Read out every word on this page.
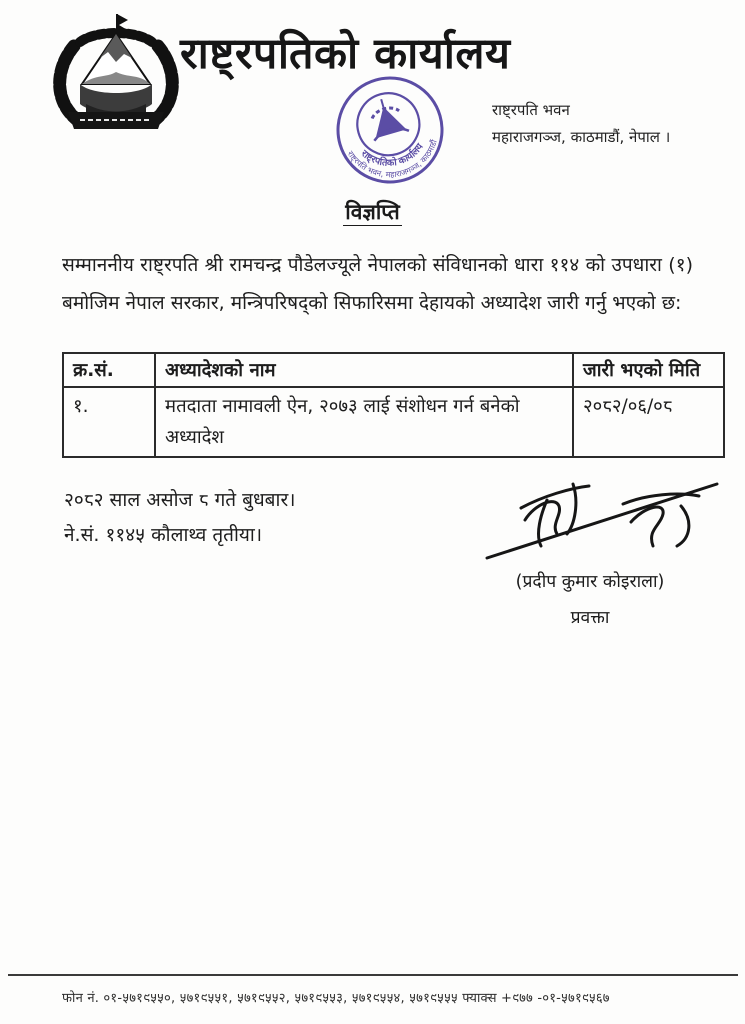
राष्ट्रपतिको कार्यालय
राष्ट्रपतिको कार्यालय
राष्ट्रपति भवन, महाराजगञ्ज, काठमाडौं
राष्ट्रपति भवन
महाराजगञ्ज, काठमाडौं, नेपाल ।
विज्ञप्ति

सम्माननीय राष्ट्रपति श्री रामचन्द्र पौडेलज्यूले नेपालको संविधानको धारा ११४ को उपधारा (१) बमोजिम नेपाल सरकार, मन्त्रिपरिषद्को सिफारिसमा देहायको अध्यादेश जारी गर्नु भएको छ:

क्र.सं.	अध्यादेशको नाम	जारी भएको मिति
१.	मतदाता नामावली ऐन, २०७३ लाई संशोधन गर्न बनेको अध्यादेश	२०८२/०६/०८
२०८२ साल असोज ८ गते बुधबार।
ने.सं. ११४५ कौलाथ्व तृतीया।
(प्रदीप कुमार कोइराला)
प्रवक्ता
फोन नं. ०१-५७१९५५०, ५७१९५५१, ५७१९५५२, ५७१९५५३, ५७१९५५४, ५७१९५५५ फ्याक्स +९७७ -०१-५७१९५६७
